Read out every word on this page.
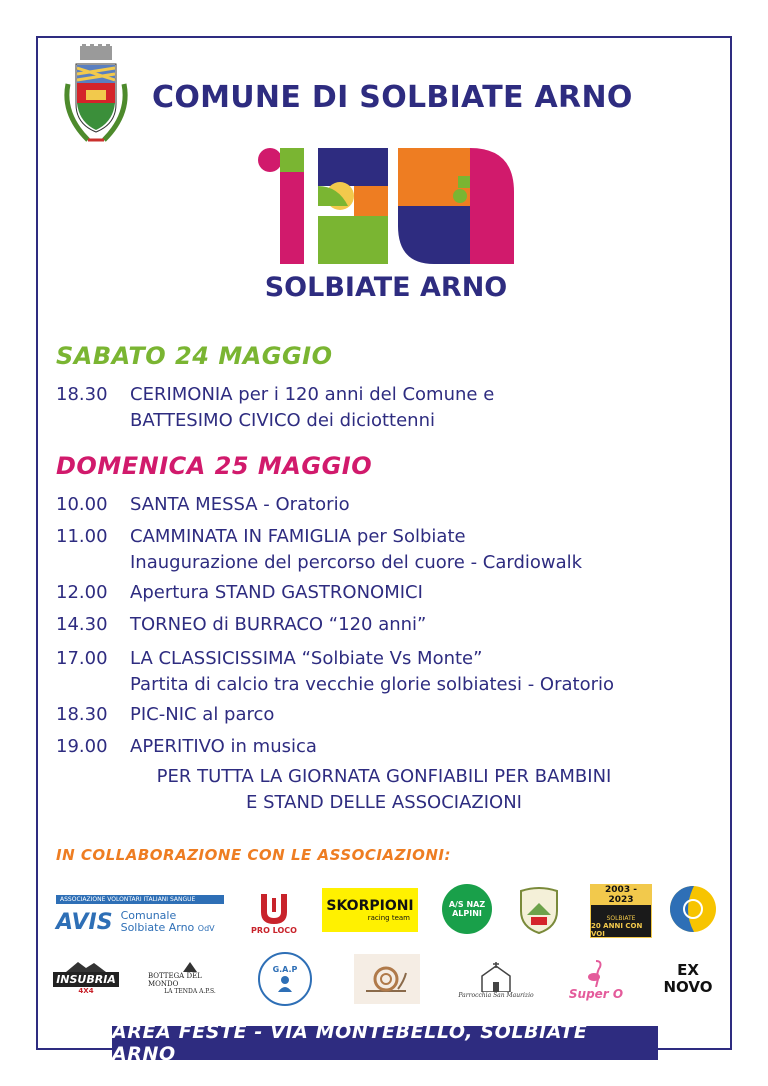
COMUNE DI SOLBIATE ARNO
SOLBIATE ARNO
SABATO 24 MAGGIO
18.30	CERIMONIA per i 120 anni del Comune e
BATTESIMO CIVICO dei diciottenni
DOMENICA 25 MAGGIO
10.00	SANTA MESSA - Oratorio
11.00	CAMMINATA IN FAMIGLIA per Solbiate
Inaugurazione del percorso del cuore - Cardiowalk
12.00	Apertura STAND GASTRONOMICI
14.30	TORNEO di BURRACO “120 anni”
17.00	LA CLASSICISSIMA “Solbiate Vs Monte”
Partita di calcio tra vecchie glorie solbiatesi - Oratorio
18.30	PIC-NIC al parco
19.00	APERITIVO in musica
PER TUTTA LA GIORNATA GONFIABILI PER BAMBINI
E STAND DELLE ASSOCIAZIONI
IN COLLABORAZIONE CON LE ASSOCIAZIONI:
ASSOCIAZIONE VOLONTARI ITALIANI SANGUE
AVIS Comunale
Solbiate Arno OdV	PRO LOCO
SKORPIONI
racing team
A/S NAZ ALPINI
2003 - 2023
SOLBIATE
20 ANNI CON VOI
INSUBRIA
4X4
BOTTEGA DEL MONDO
LA TENDA A.P.S.
G.A.P
Parrocchia San Maurizio	Super O
EX
NOVO
AREA FESTE - VIA MONTEBELLO, SOLBIATE ARNO
